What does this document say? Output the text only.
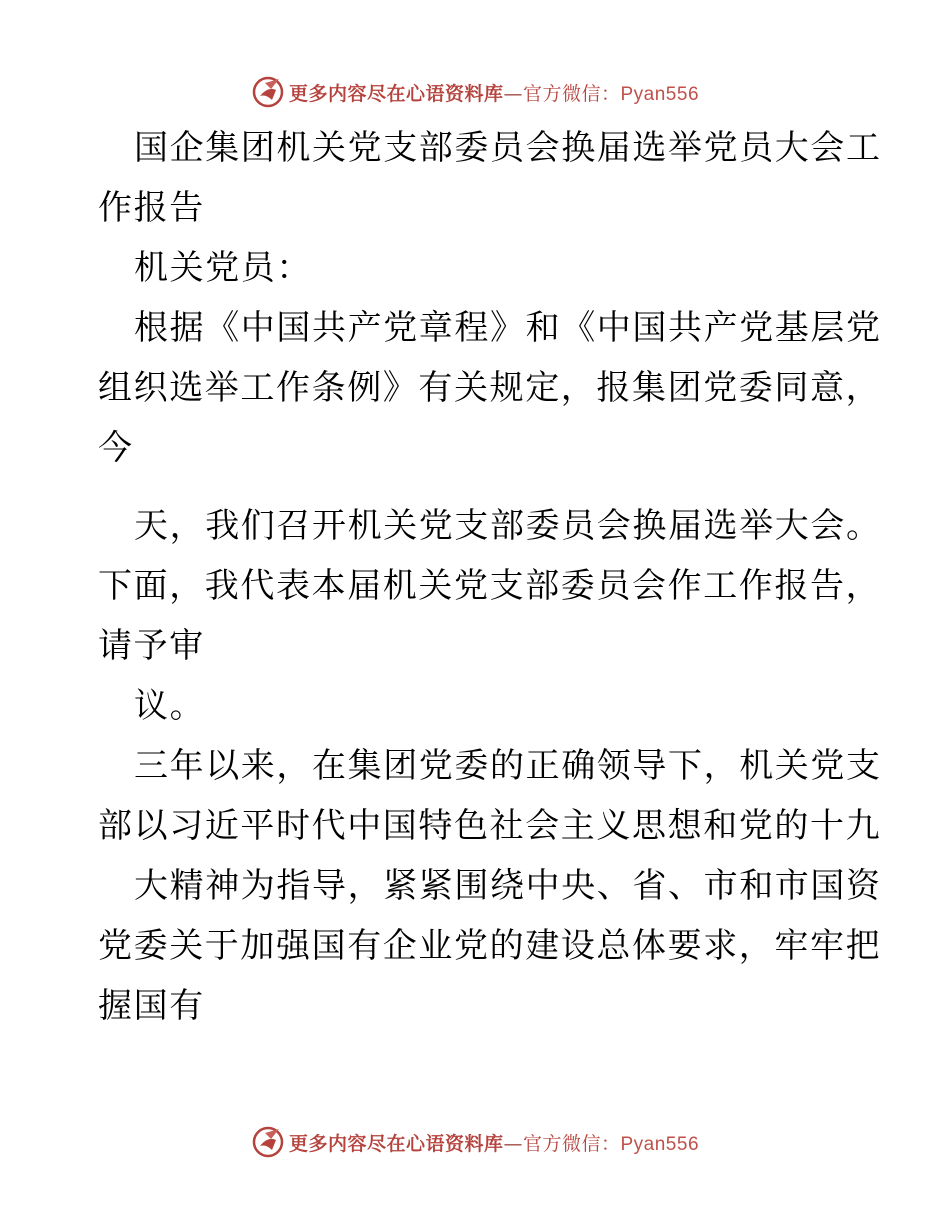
更多内容尽在心语资料库—官方微信：Pyan556
国企集团机关党支部委员会换届选举党员大会工
作报告
机关党员：
根据《中国共产党章程》和《中国共产党基层党
组织选举工作条例》有关规定，报集团党委同意，
今
天，我们召开机关党支部委员会换届选举大会。
下面，我代表本届机关党支部委员会作工作报告，
请予审
议。
三年以来，在集团党委的正确领导下，机关党支
部以习近平时代中国特色社会主义思想和党的十九
大精神为指导，紧紧围绕中央、省、市和市国资
党委关于加强国有企业党的建设总体要求，牢牢把
握国有
更多内容尽在心语资料库—官方微信：Pyan556
